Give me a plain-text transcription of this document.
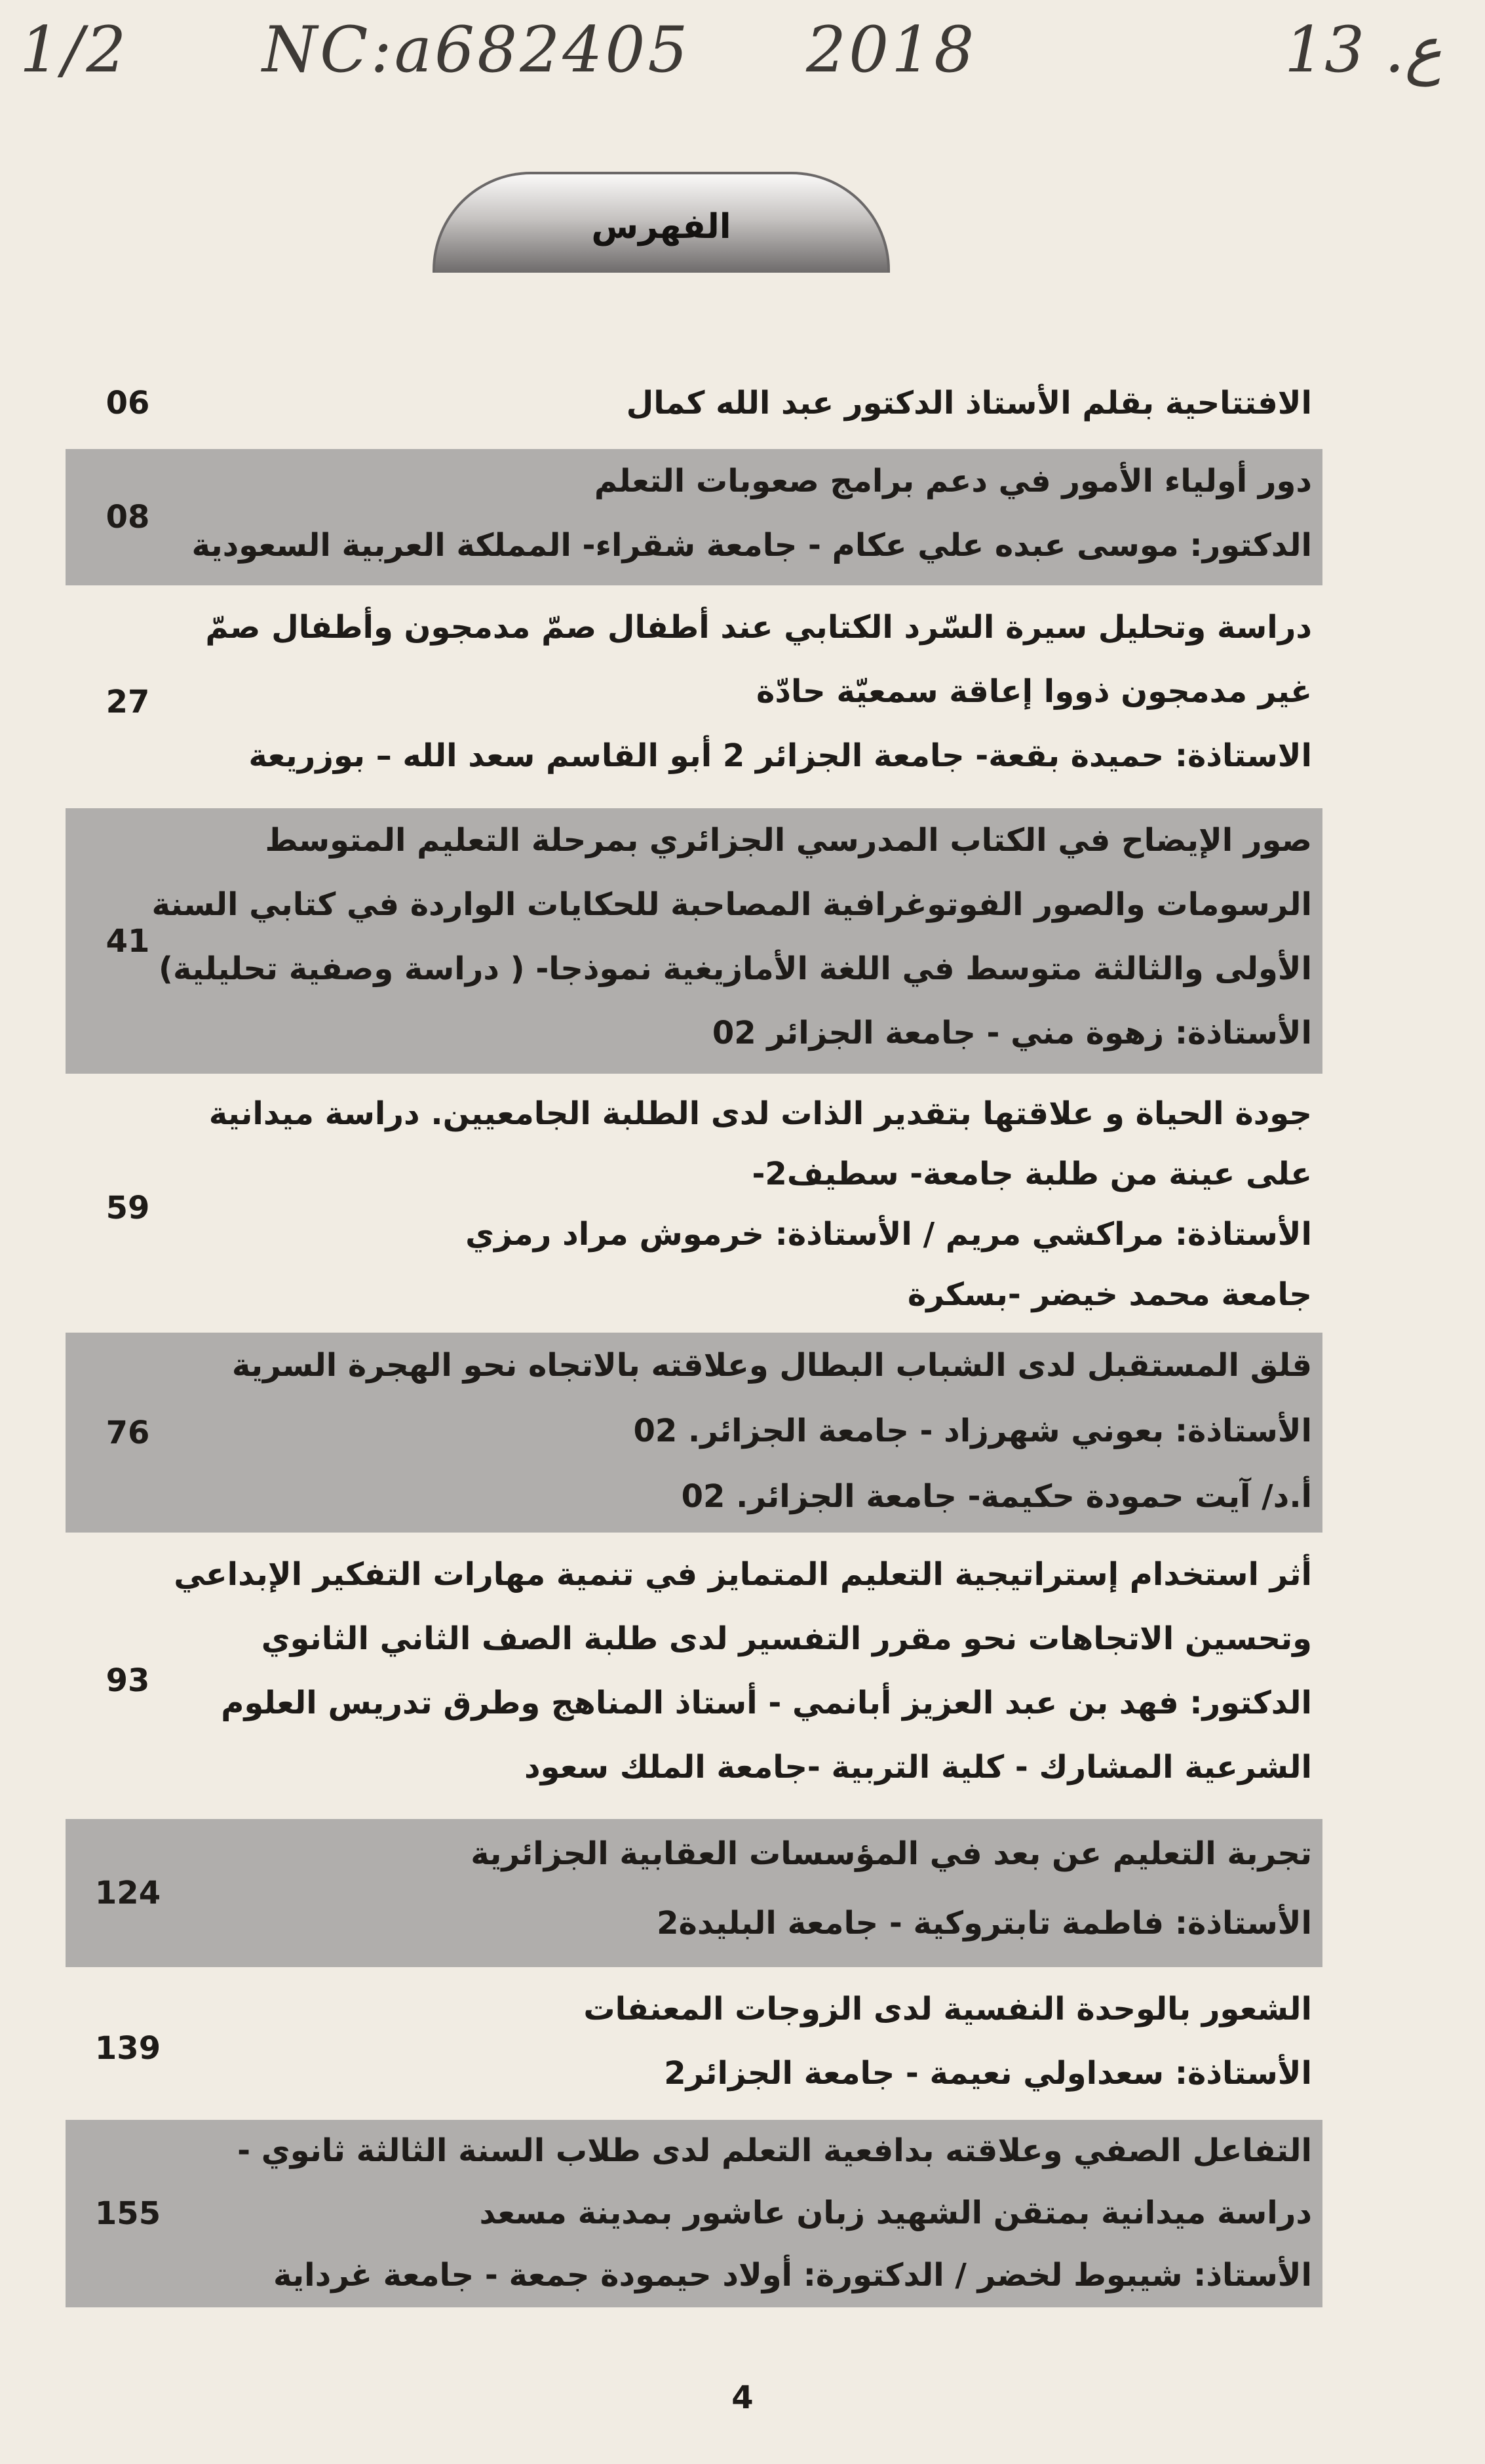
1/2 NC:a682405 2018	ع. 13
الفهرس
الافتتاحية بقلم الأستاذ الدكتور عبد الله كمال
06
دور أولياء الأمور في دعم برامج صعوبات التعلم
الدكتور: موسى عبده علي عكام - جامعة شقراء- المملكة العربية السعودية
08
دراسة وتحليل سيرة السّرد الكتابي عند أطفال صمّ مدمجون وأطفال صمّ
غير مدمجون ذووا إعاقة سمعيّة حادّة
الاستاذة: حميدة بقعة- جامعة الجزائر 2 أبو القاسم سعد الله – بوزريعة
27
صور الإيضاح في الكتاب المدرسي الجزائري بمرحلة التعليم المتوسط
الرسومات والصور الفوتوغرافية المصاحبة للحكايات الواردة في كتابي السنة
الأولى والثالثة متوسط في اللغة الأمازيغية نموذجا- ( دراسة وصفية تحليلية)
الأستاذة: زهوة مني - جامعة الجزائر 02
41
جودة الحياة و علاقتها بتقدير الذات لدى الطلبة الجامعيين. دراسة ميدانية
على عينة من طلبة جامعة- سطيف2-
الأستاذة: مراكشي مريم / الأستاذة: خرموش مراد رمزي
جامعة محمد خيضر -بسكرة
59
قلق المستقبل لدى الشباب البطال وعلاقته بالاتجاه نحو الهجرة السرية
الأستاذة: بعوني شهرزاد - جامعة الجزائر. 02
أ.د/ آيت حمودة حكيمة- جامعة الجزائر. 02
76
أثر استخدام إستراتيجية التعليم المتمايز في تنمية مهارات التفكير الإبداعي
وتحسين الاتجاهات نحو مقرر التفسير لدى طلبة الصف الثاني الثانوي
الدكتور: فهد بن عبد العزيز أبانمي - أستاذ المناهج وطرق تدريس العلوم
الشرعية المشارك - كلية التربية -جامعة الملك سعود
93
تجربة التعليم عن بعد في المؤسسات العقابية الجزائرية
الأستاذة: فاطمة تابتروكية - جامعة البليدة2
124
الشعور بالوحدة النفسية لدى الزوجات المعنفات
الأستاذة: سعداولي نعيمة - جامعة الجزائر2
139
التفاعل الصفي وعلاقته بدافعية التعلم لدى طلاب السنة الثالثة ثانوي -
دراسة ميدانية بمتقن الشهيد زبان عاشور بمدينة مسعد
الأستاذ: شيبوط لخضر / الدكتورة: أولاد حيمودة جمعة - جامعة غرداية
155
4
